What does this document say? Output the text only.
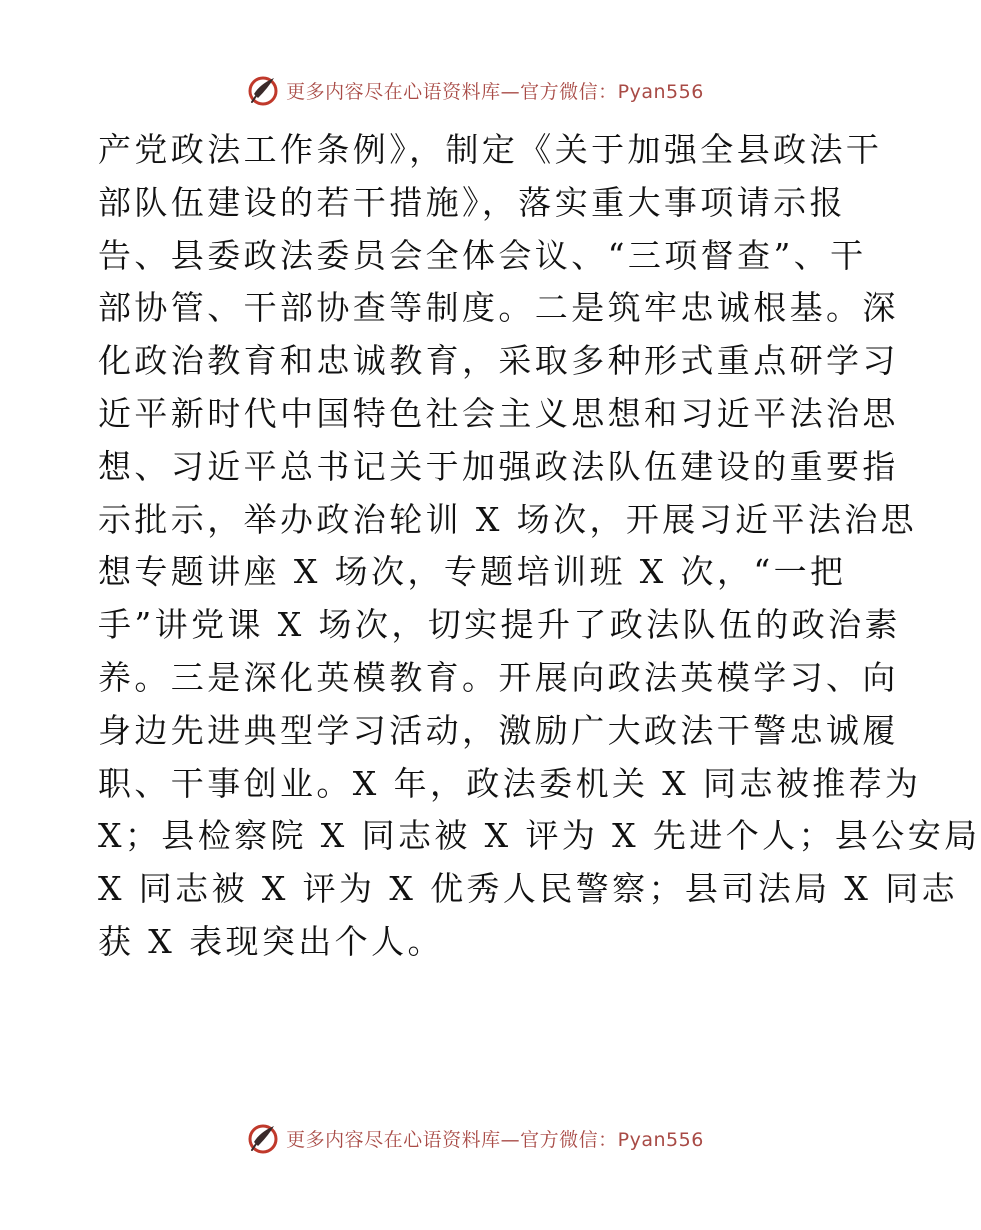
更多内容尽在心语资料库—官方微信：Pyan556
产党政法工作条例》，制定《关于加强全县政法干
部队伍建设的若干措施》，落实重大事项请示报
告、县委政法委员会全体会议、“三项督查”、干
部协管、干部协查等制度。二是筑牢忠诚根基。深
化政治教育和忠诚教育，采取多种形式重点研学习
近平新时代中国特色社会主义思想和习近平法治思
想、习近平总书记关于加强政法队伍建设的重要指
示批示，举办政治轮训 X 场次，开展习近平法治思
想专题讲座 X 场次，专题培训班 X 次，“一把
手”讲党课 X 场次，切实提升了政法队伍的政治素
养。三是深化英模教育。开展向政法英模学习、向
身边先进典型学习活动，激励广大政法干警忠诚履
职、干事创业。X 年，政法委机关 X 同志被推荐为
X；县检察院 X 同志被 X 评为 X 先进个人；县公安局
X 同志被 X 评为 X 优秀人民警察；县司法局 X 同志
获 X 表现突出个人。
更多内容尽在心语资料库—官方微信：Pyan556
